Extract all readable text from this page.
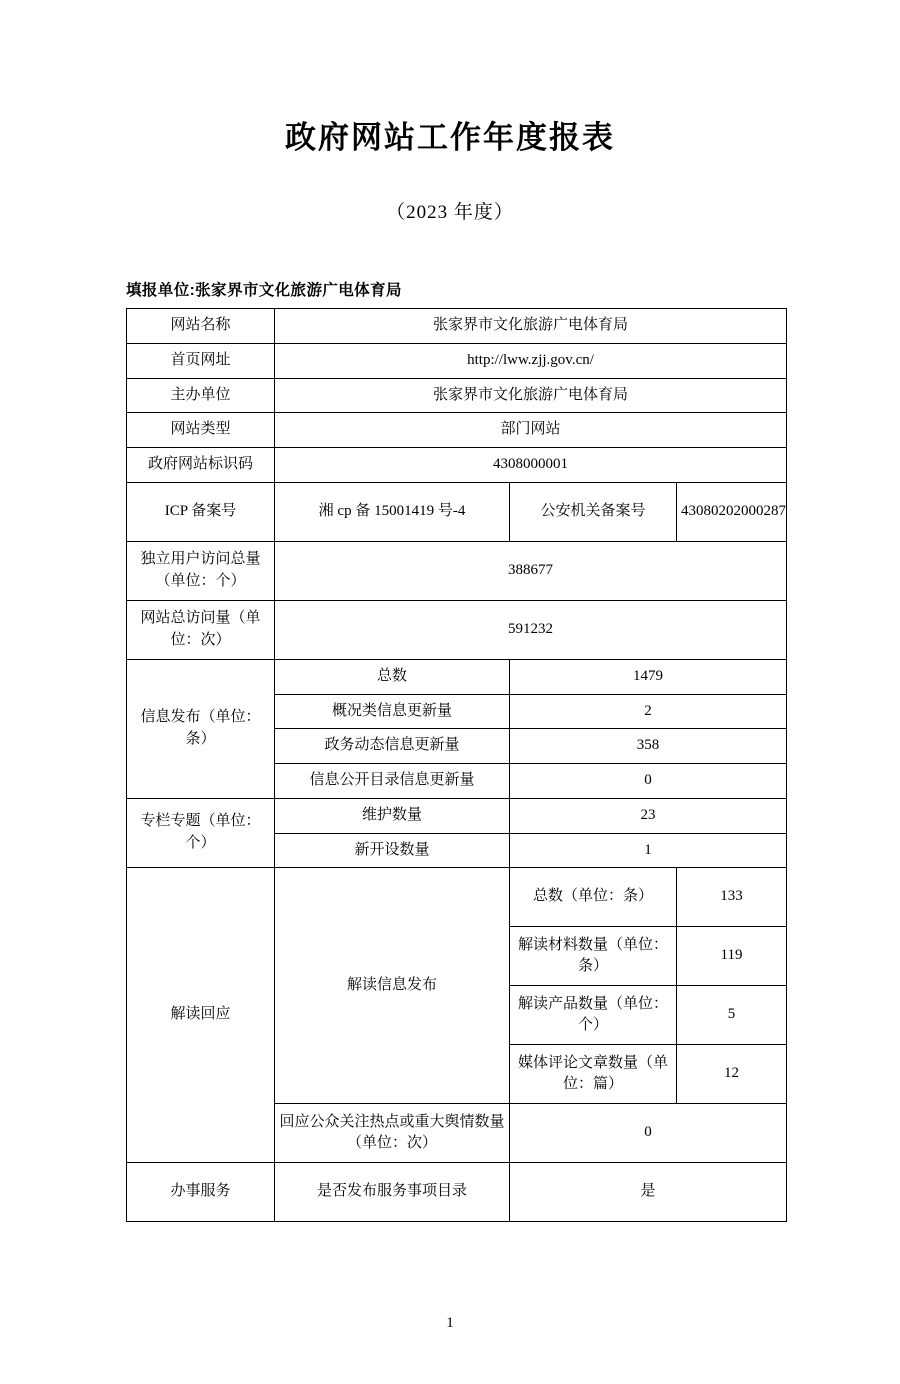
政府网站工作年度报表
（2023 年度）
填报单位:张家界市文化旅游广电体育局
网站名称	张家界市文化旅游广电体育局		
首页网址	http://lww.zjj.gov.cn/		
主办单位	张家界市文化旅游广电体育局		
网站类型	部门网站		
政府网站标识码	4308000001		
ICP 备案号	湘 cp 备 15001419 号-4	公安机关备案号	43080202000287
独立用户访问总量（单位：个）	388677		
网站总访问量（单位：次）	591232		
信息发布（单位：条）	总数	1479	
	概况类信息更新量	2	
	政务动态信息更新量	358	
	信息公开目录信息更新量	0	
专栏专题（单位：个）	维护数量	23	
	新开设数量	1	
解读回应	解读信息发布	总数（单位：条）	133
		解读材料数量（单位：条）	119
		解读产品数量（单位：个）	5
		媒体评论文章数量（单位：篇）	12
	回应公众关注热点或重大舆情数量（单位：次）	0	
办事服务	是否发布服务事项目录	是	
1
